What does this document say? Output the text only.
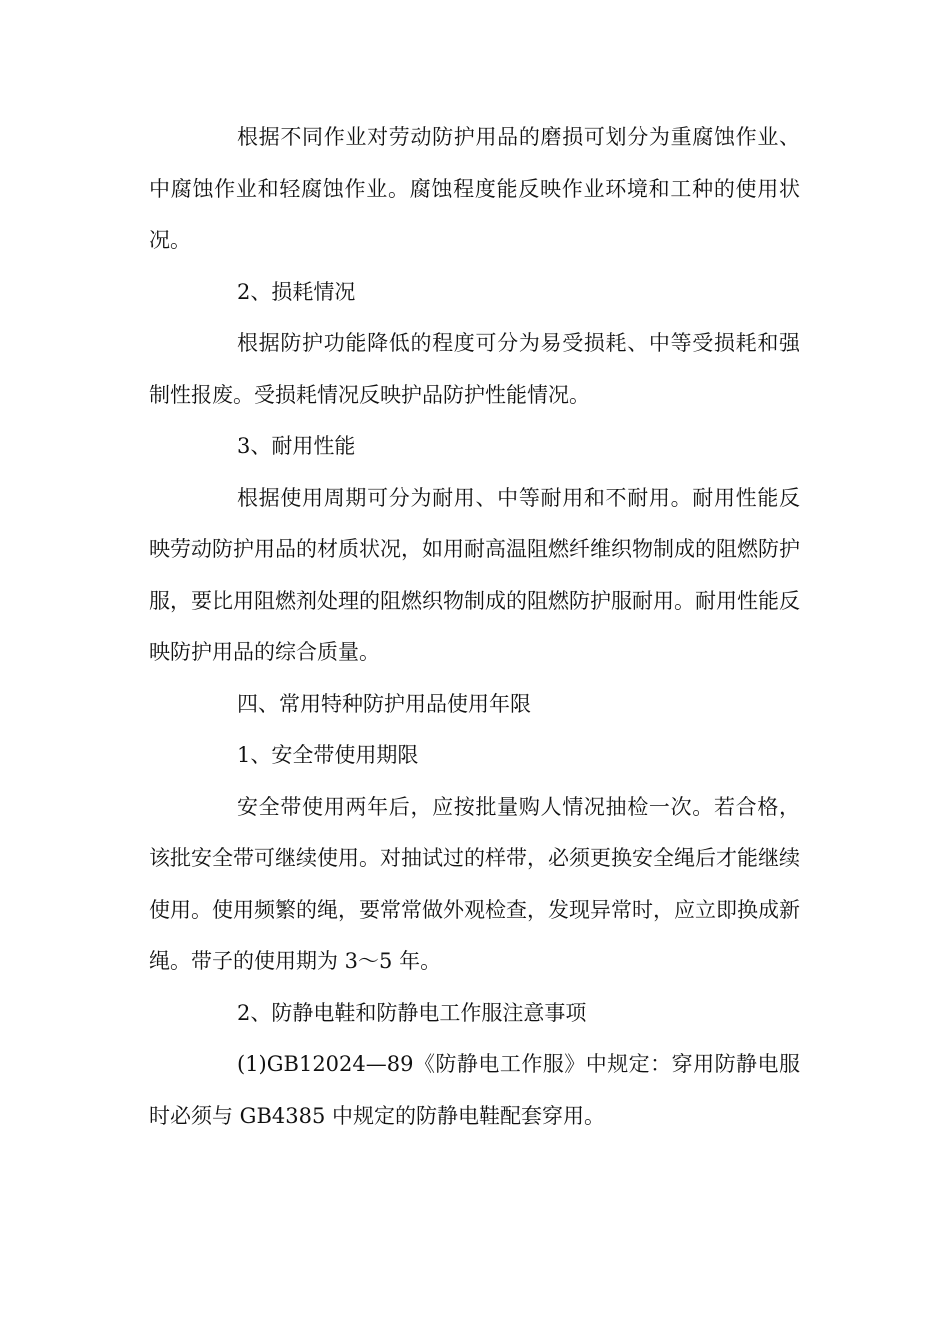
根据不同作业对劳动防护用品的磨损可划分为重腐蚀作业、中腐蚀作业和轻腐蚀作业。腐蚀程度能反映作业环境和工种的使用状况。

2、损耗情况

根据防护功能降低的程度可分为易受损耗、中等受损耗和强制性报废。受损耗情况反映护品防护性能情况。

3、耐用性能

根据使用周期可分为耐用、中等耐用和不耐用。耐用性能反映劳动防护用品的材质状况，如用耐高温阻燃纤维织物制成的阻燃防护服，要比用阻燃剂处理的阻燃织物制成的阻燃防护服耐用。耐用性能反映防护用品的综合质量。

四、常用特种防护用品使用年限

1、安全带使用期限

安全带使用两年后，应按批量购人情况抽检一次。若合格，该批安全带可继续使用。对抽试过的样带，必须更换安全绳后才能继续使用。使用频繁的绳，要常常做外观检查，发现异常时，应立即换成新绳。带子的使用期为 3～5 年。

2、防静电鞋和防静电工作服注意事项

(1)GB12024—89《防静电工作服》中规定：穿用防静电服时必须与 GB4385 中规定的防静电鞋配套穿用。
